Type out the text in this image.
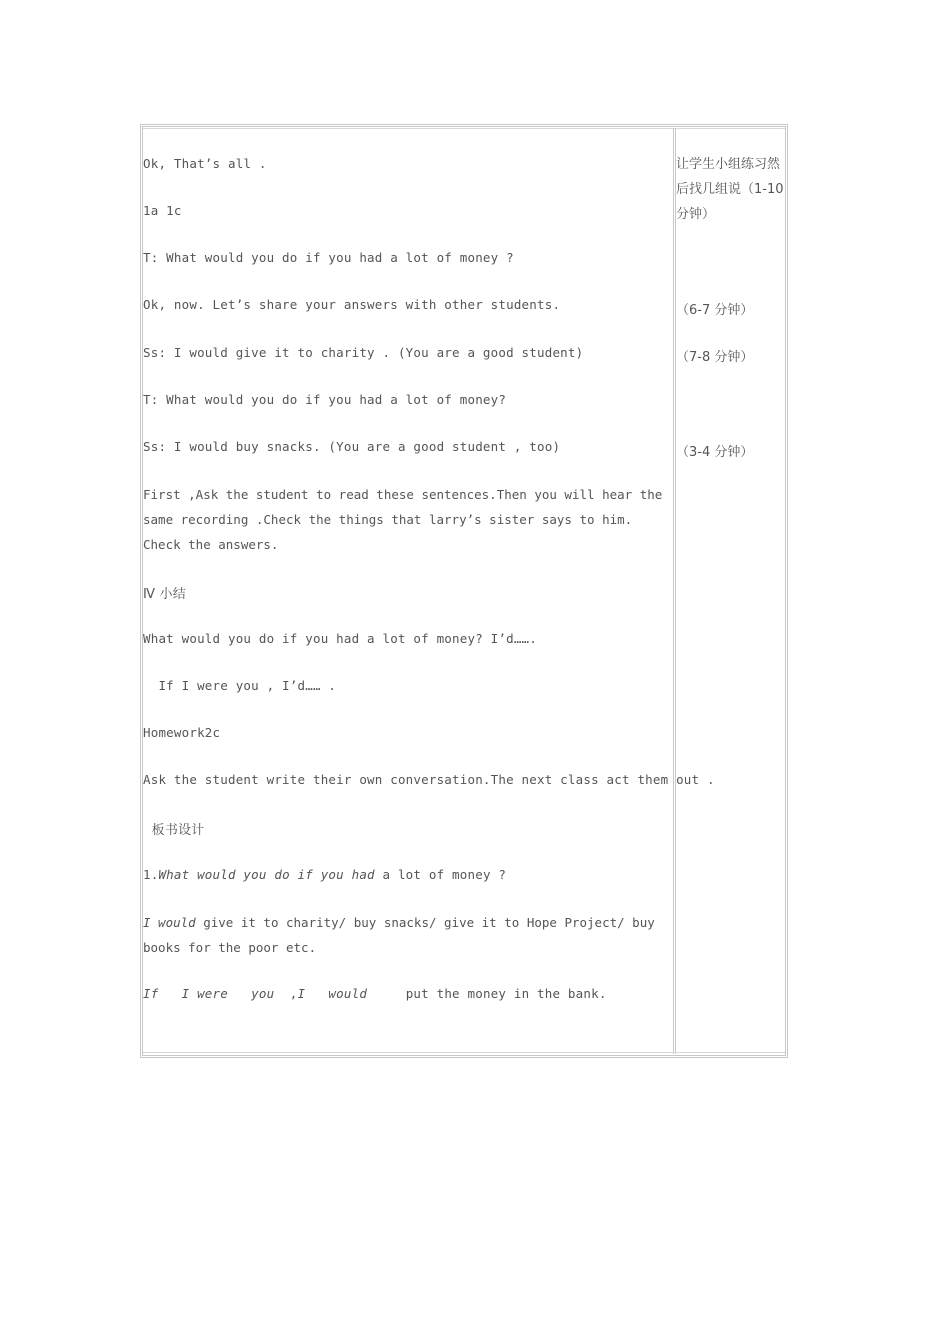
Ok, That’s all .
1a 1c
T: What would you do if you had a lot of money ?
Ok, now. Let’s share your answers with other students.
Ss: I would give it to charity . (You are a good student)
T: What would you do if you had a lot of money?
Ss: I would buy snacks. (You are a good student , too)
First ,Ask the student to read these sentences.Then you will hear the same recording .Check the things that larry’s sister says to him. Check the answers.
Ⅳ 小结
What would you do if you had a lot of money? I’d…….
If I were you , I’d…… .
Homework2c
Ask the student write their own conversation.The next class act them out .
板书设计
1.What would you do if you had a lot of money ?
I would give it to charity/ buy snacks/ give it to Hope Project/ buy books for the poor etc.
If   I were   you  ,I   would     put the money in the bank.
让学生小组练习然后找几组说（1-10 分钟）
（6-7 分钟）
（7-8 分钟）
（3-4 分钟）
